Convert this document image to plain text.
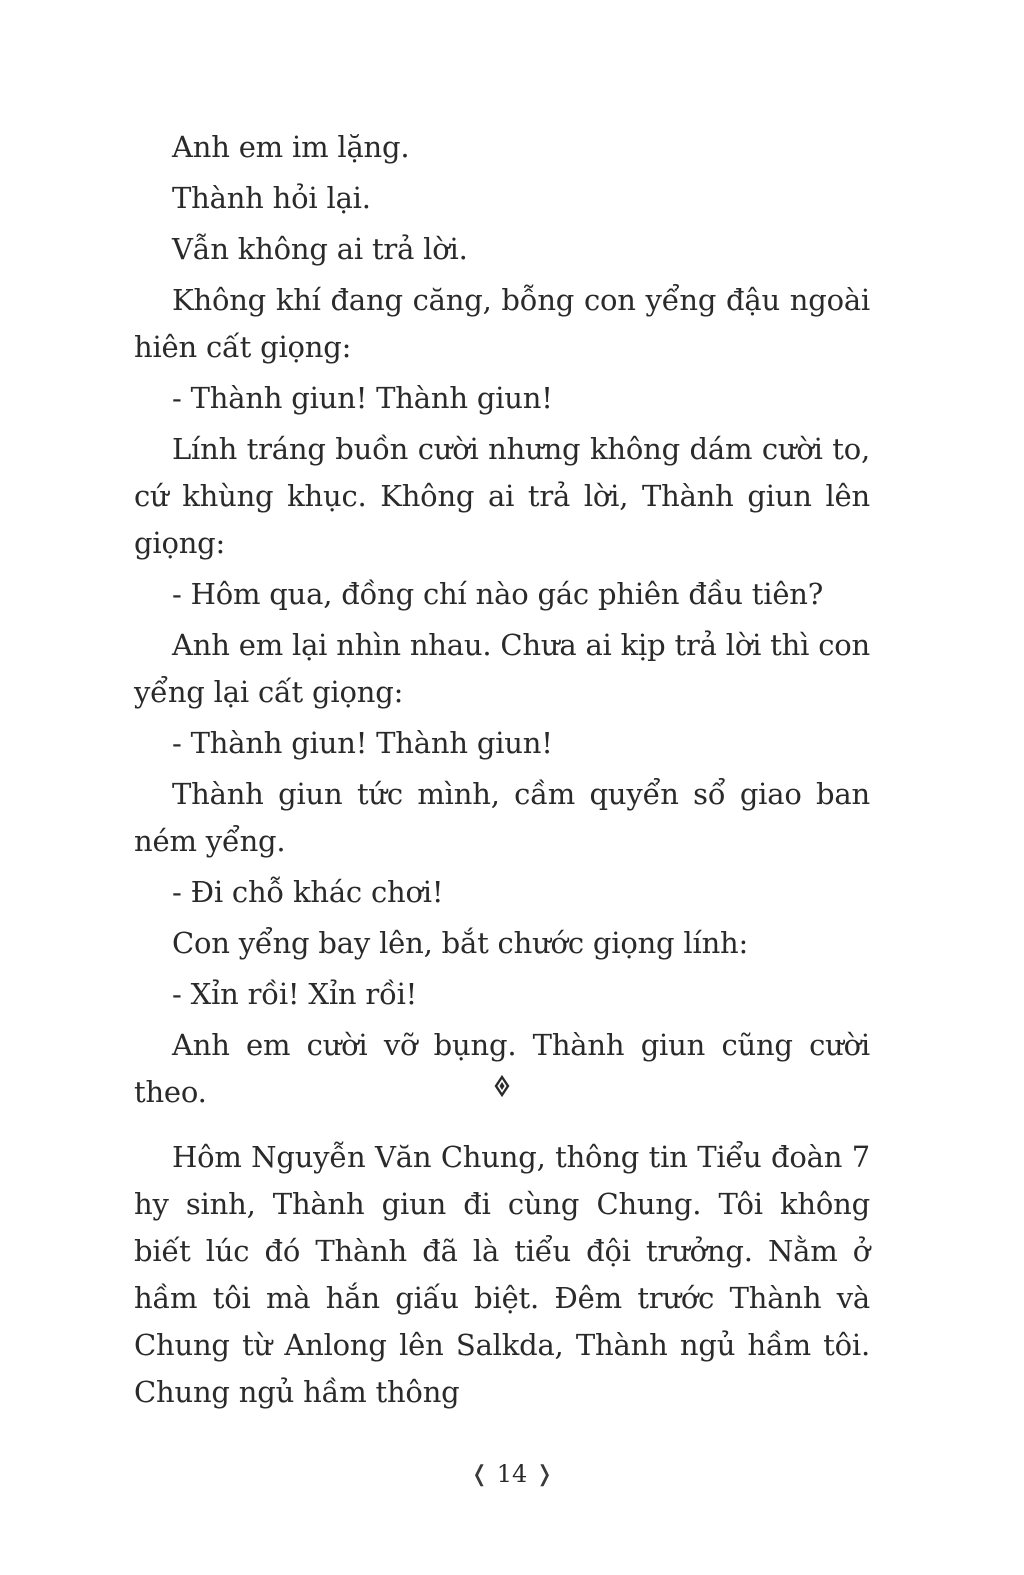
Anh em im lặng.

Thành hỏi lại.

Vẫn không ai trả lời.

Không khí đang căng, bỗng con yểng đậu ngoài hiên cất giọng:

- Thành giun! Thành giun!

Lính tráng buồn cười nhưng không dám cười to, cứ khùng khục. Không ai trả lời, Thành giun lên giọng:

- Hôm qua, đồng chí nào gác phiên đầu tiên?

Anh em lại nhìn nhau. Chưa ai kịp trả lời thì con yểng lại cất giọng:

- Thành giun! Thành giun!

Thành giun tức mình, cầm quyển sổ giao ban ném yểng.

- Đi chỗ khác chơi!

Con yểng bay lên, bắt chước giọng lính:

- Xỉn rồi! Xỉn rồi!

Anh em cười vỡ bụng. Thành giun cũng cười theo.

Hôm Nguyễn Văn Chung, thông tin Tiểu đoàn 7 hy sinh, Thành giun đi cùng Chung. Tôi không biết lúc đó Thành đã là tiểu đội trưởng. Nằm ở hầm tôi mà hắn giấu biệt. Đêm trước Thành và Chung từ Anlong lên Salkda, Thành ngủ hầm tôi. Chung ngủ hầm thông

❬ 14 ❭
